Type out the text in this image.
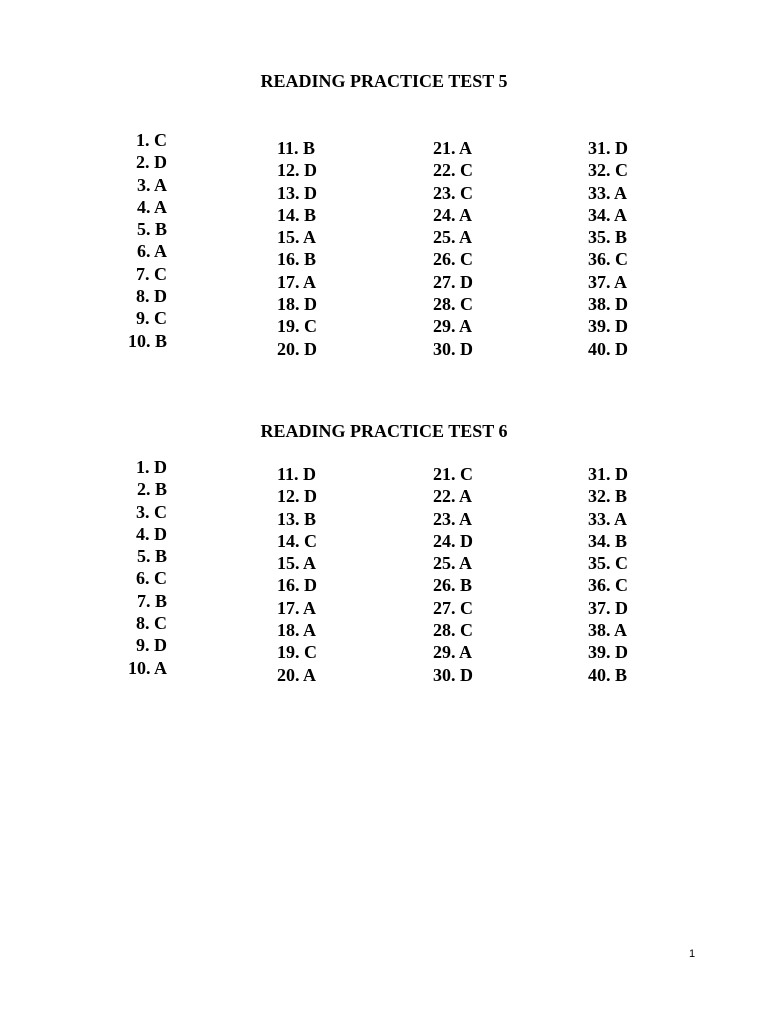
READING PRACTICE TEST 5
1. C
2. D
3. A
4. A
5. B
6. A
7. C
8. D
9. C
10. B
11. B
12. D
13. D
14. B
15. A
16. B
17. A
18. D
19. C
20. D
21. A
22. C
23. C
24. A
25. A
26. C
27. D
28. C
29. A
30. D
31. D
32. C
33. A
34. A
35. B
36. C
37. A
38. D
39. D
40. D
READING PRACTICE TEST 6
1. D
2. B
3. C
4. D
5. B
6. C
7. B
8. C
9. D
10. A
11. D
12. D
13. B
14. C
15. A
16. D
17. A
18. A
19. C
20. A
21. C
22. A
23. A
24. D
25. A
26. B
27. C
28. C
29. A
30. D
31. D
32. B
33. A
34. B
35. C
36. C
37. D
38. A
39. D
40. B
1
